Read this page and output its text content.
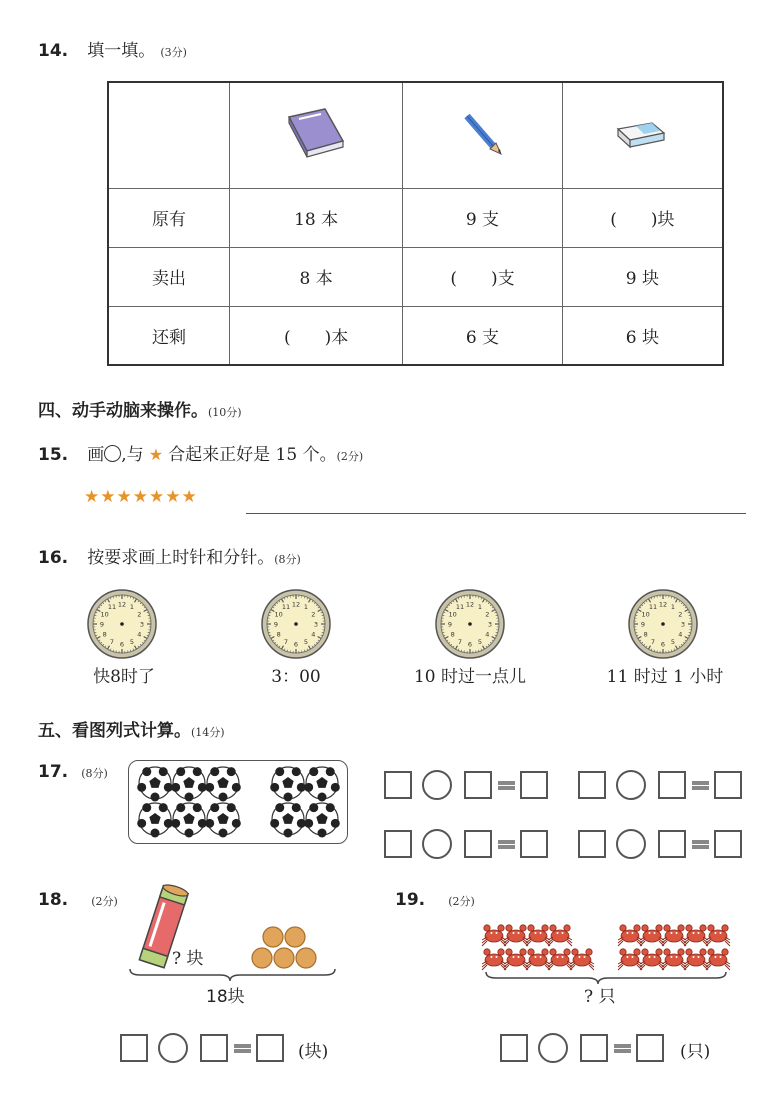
14. 填一填。 (3分)

原有	18 本	9 支	(　　)块
卖出	8 本	(　　)支	9 块
还剩	(　　)本	6 支	6 块
四、动手动脑来操作。(10分)
15. 画 ,与 ★ 合起来正好是 15 个。(2分)
★★★★★★★
16. 按要求画上时针和分针。(8分)
1
2
3
4
5
6
7
8
9
10
11 12	1
2
3
4
5
6
7
8
9
10
11 12	1
2
3
4
5
6
7
8
9
10
11 12	1
2
3
4
5
6
7
8
9
10
11 12
快8时了	3：00	10 时过一点儿	11 时过 1 小时
五、看图列式计算。(14分)
17. (8分)
18. (2分)
? 块
18块
(块)
19. (2分)
? 只
(只)
